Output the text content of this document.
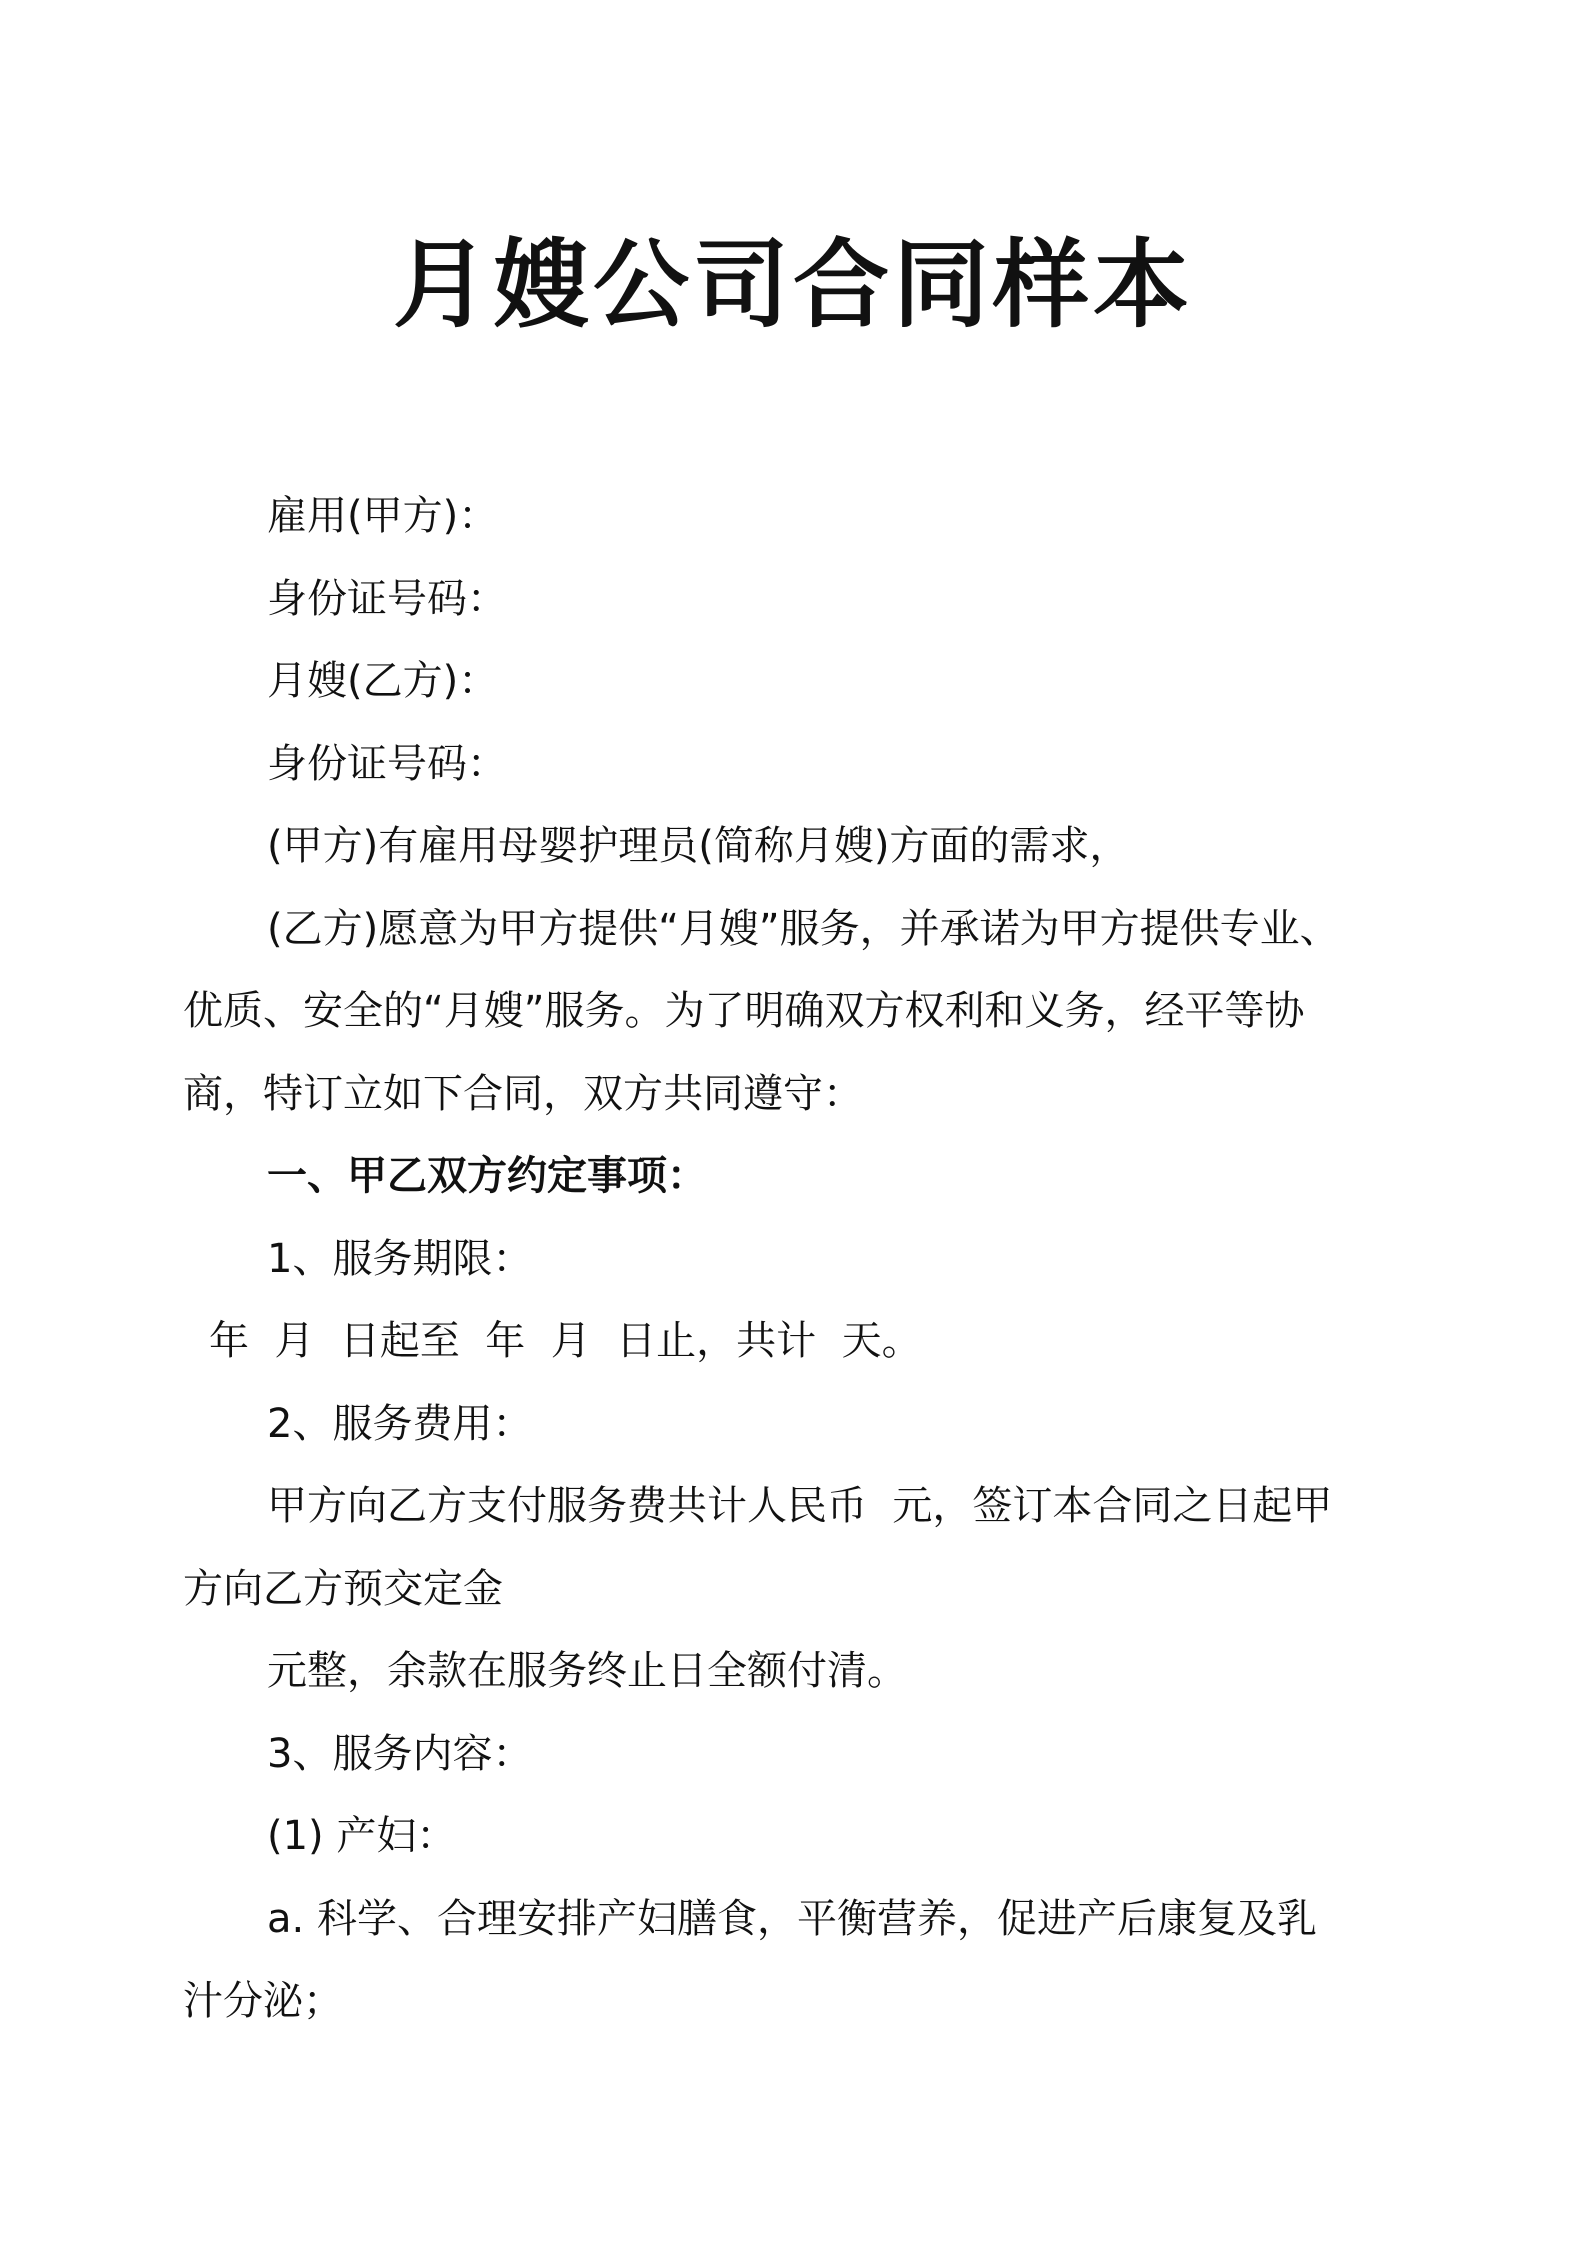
月嫂公司合同样本

雇用(甲方)：

身份证号码：

月嫂(乙方)：

身份证号码：

(甲方)有雇用母婴护理员(简称月嫂)方面的需求，

(乙方)愿意为甲方提供“月嫂”服务，并承诺为甲方提供专业、

优质、安全的“月嫂”服务。为了明确双方权利和义务，经平等协

商，特订立如下合同，双方共同遵守：

一、甲乙双方约定事项：

1、服务期限：

年  月  日起至  年  月  日止，共计  天。

2、服务费用：

甲方向乙方支付服务费共计人民币  元，签订本合同之日起甲

方向乙方预交定金

元整，余款在服务终止日全额付清。

3、服务内容：

(1) 产妇：

a. 科学、合理安排产妇膳食，平衡营养，促进产后康复及乳

汁分泌；
